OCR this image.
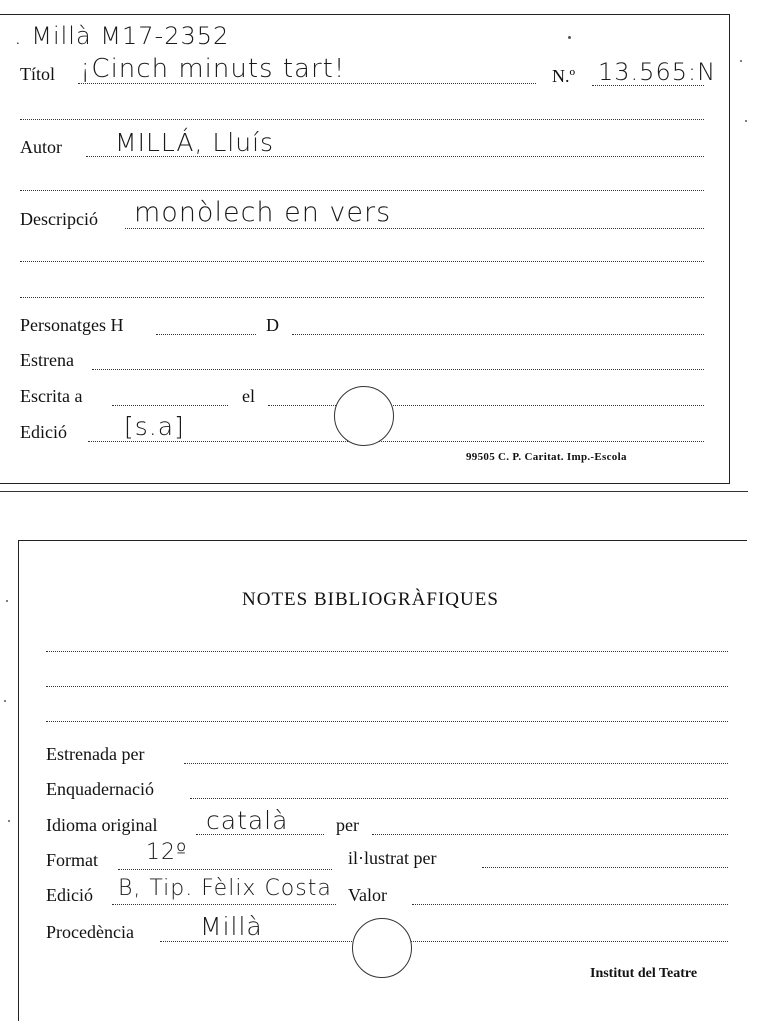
. Millà M17-2352
Títol ¡Cinch minuts tart!	N.º 13.565:N
Autor MILLÁ, Lluís
Descripció monòlech en vers
Personatges H	D
Estrena
Escrita a	el
Edició [s.a]
99505 C. P. Caritat. Imp.-Escola
NOTES BIBLIOGRÀFIQUES
Estrenada per
Enquadernació
Idioma original català	per
Format 12º	il·lustrat per
Edició B, Tip. Fèlix Costa Valor
Procedència	Millà
Institut del Teatre
